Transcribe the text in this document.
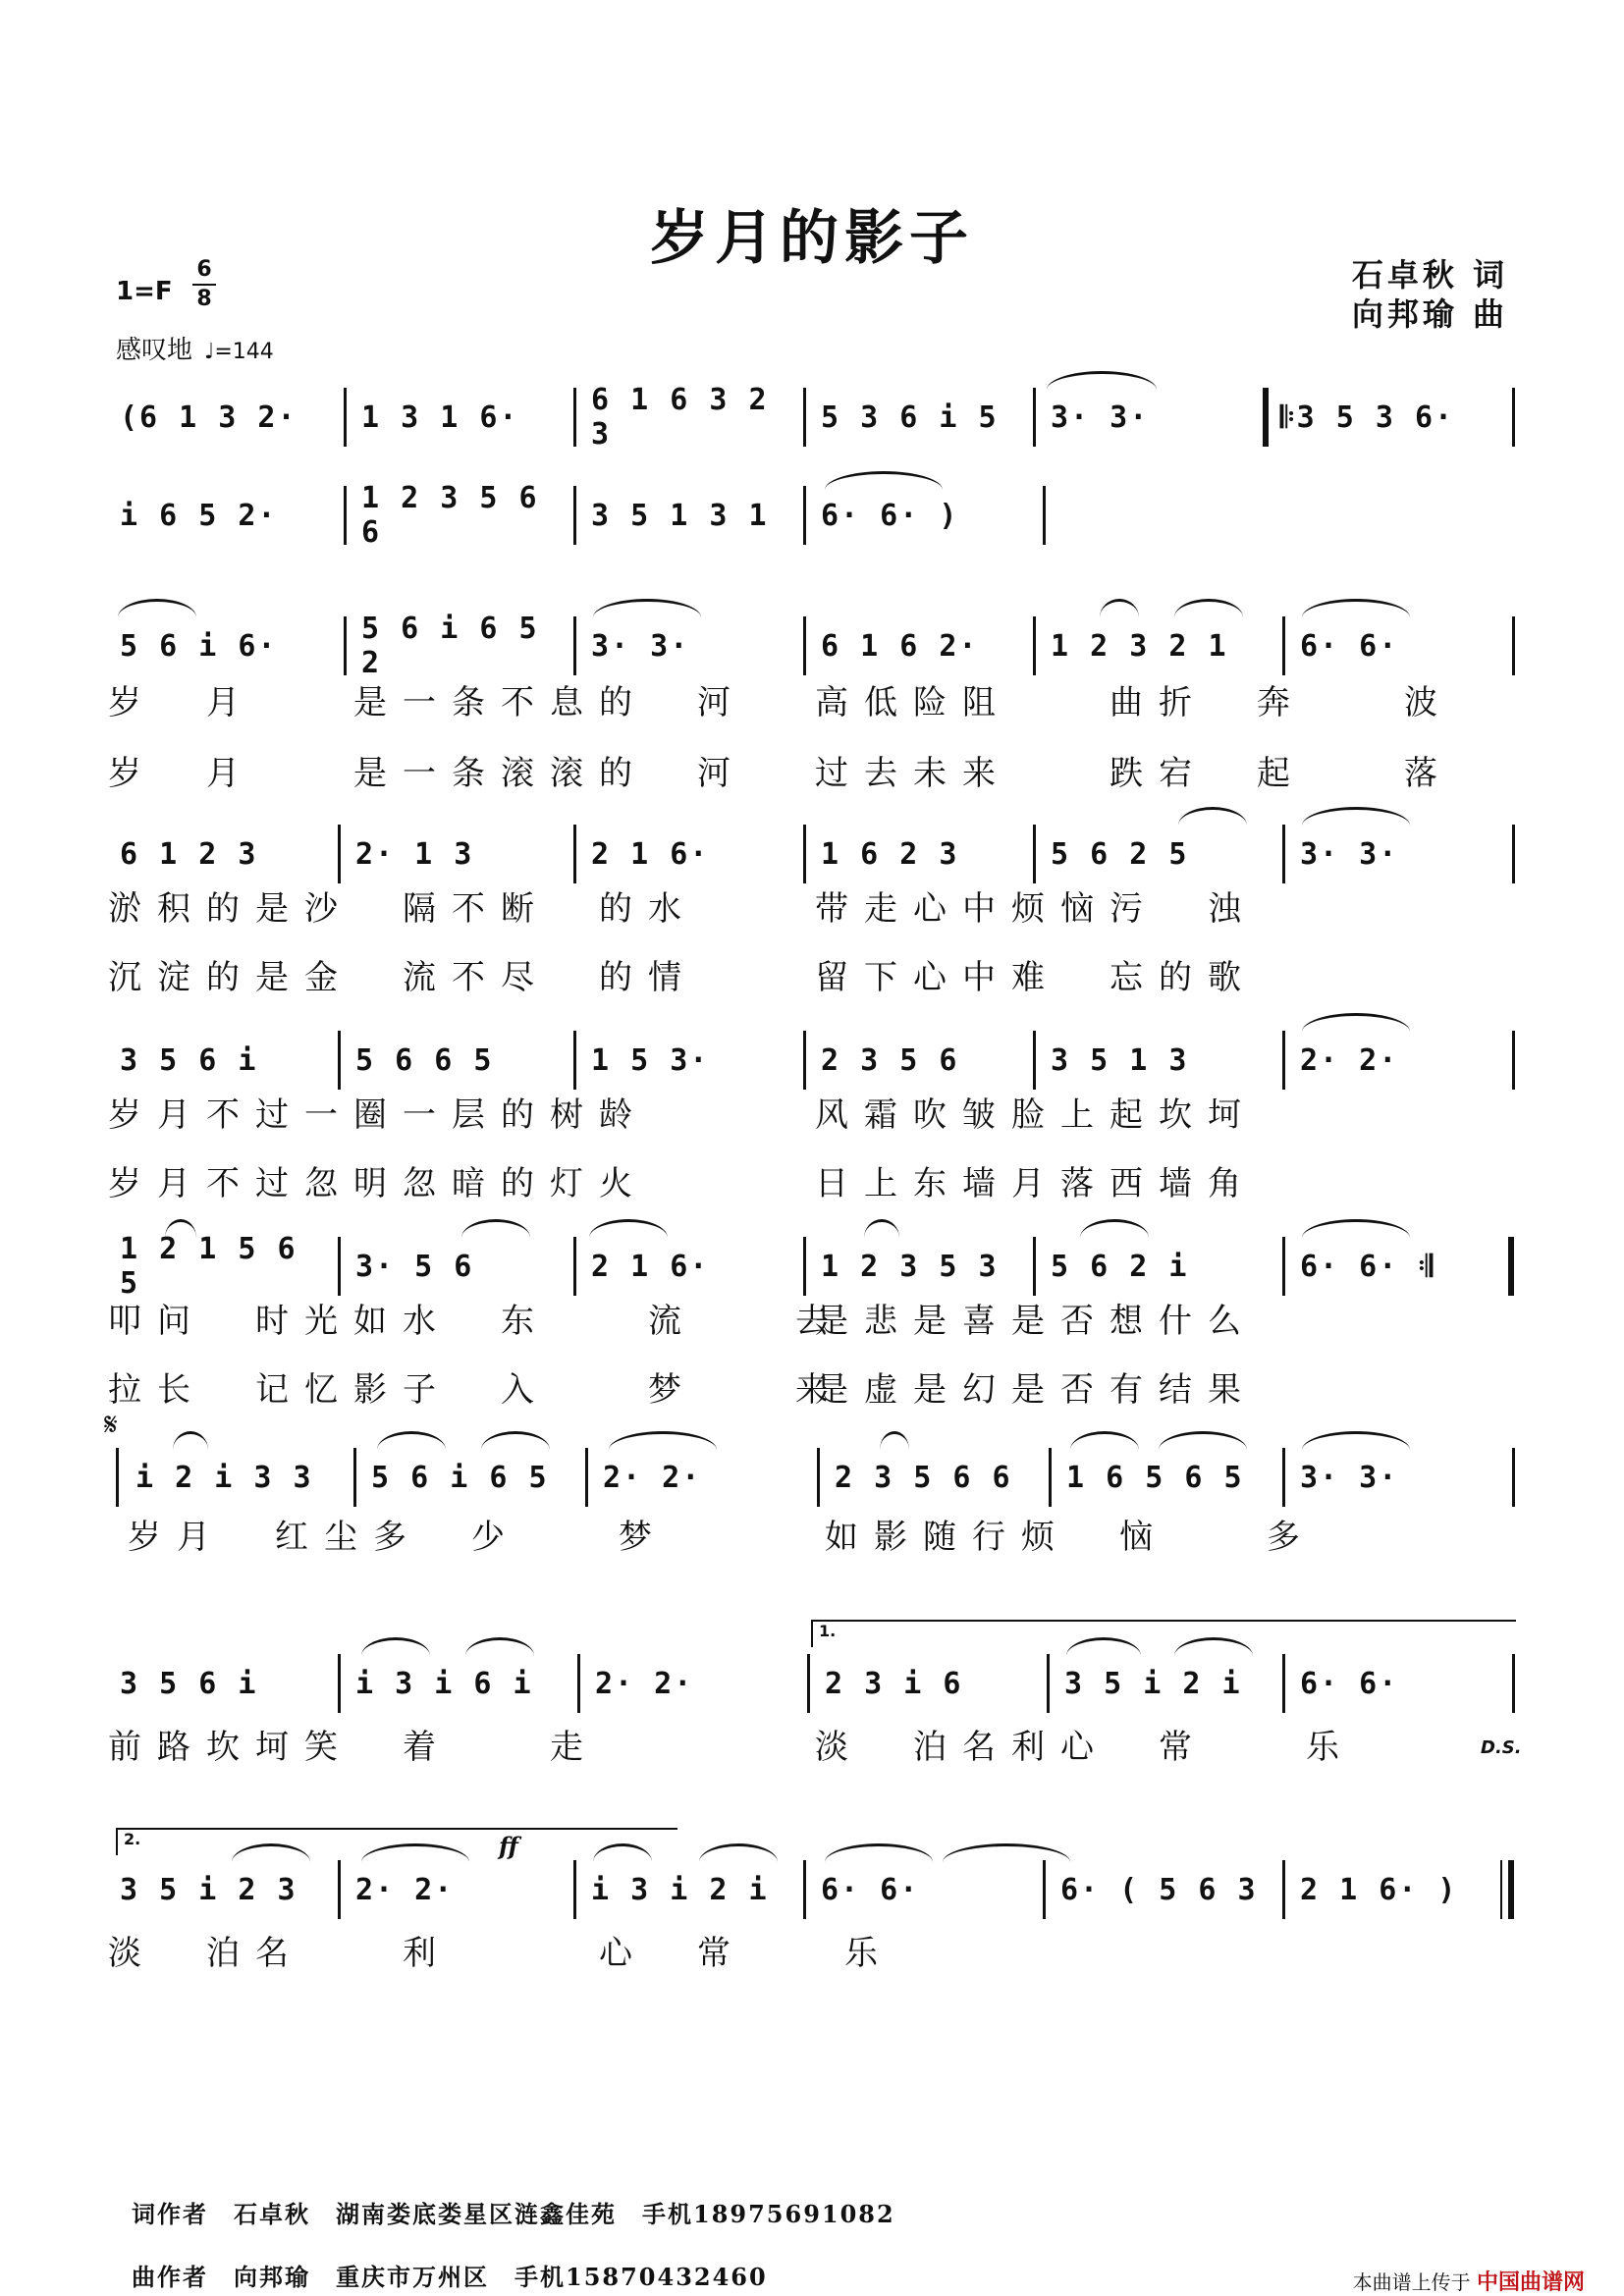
岁月的影子
石卓秋 词
向邦瑜 曲
1=F
6
8
感叹地 ♩=144
(6 1 3 2·	1 3 1 6·	6 1 6 3 2 3	5 3 6 i 5	3· 3·	𝄆3 5 3 6·
i 6 5 2·	1 2 3 5 6 6	3 5 1 3 1	6· 6· )
5 6 i 6·	5 6 i 6 5 2	3· 3·	6 1 6 2·	1 2 3 2 1	6· 6·
岁　月　　是一条不息的　河 高低险阻　　曲折　奔　　波
岁　月　　是一条滚滚的　河 过去未来　　跌宕　起　　落
6 1 2 3	2· 1 3	2 1 6·	1 6 2 3	5 6 2 5	3· 3·
淤积的是沙　隔不断　的水	带走心中烦恼污　浊
沉淀的是金　流不尽　的情	留下心中难　忘的歌
3 5 6 i	5 6 6 5	1 5 3·	2 3 5 6	3 5 1 3	2· 2·
岁月不过一圈一层的树龄	风霜吹皱脸上起坎坷
岁月不过忽明忽暗的灯火	日上东墙月落西墙角
1 2 1 5 6 5	3· 5 6	2 1 6·	1 2 3 5 3	5 6 2 i	6· 6· 𝄇
叩问　时光如水　东　　流　　去
是悲是喜是否想什么
拉长　记忆影子　入　　梦　　来
是虚是幻是否有结果
𝄋
i 2 i 3 3	5 6 i 6 5	2· 2·	2 3 5 6 6	1 6 5 6 5	3· 3·
岁月　红尘多　少　　梦	如影随行烦　恼　　多
1.
3 5 6 i	i 3 i 6 i	2· 2·	2 3 i 6	3 5 i 2 i	6· 6·
前路坎坷笑　着　　走	淡　泊名利心　常　　乐	D.S.
2.	ff
3 5 i 2 3	2· 2·	i 3 i 2 i	6· 6·	6· ( 5 6 3	2 1 6· )
淡　泊名　　利　　　心　常　　乐
词作者　石卓秋　湖南娄底娄星区涟鑫佳苑　手机18975691082
曲作者　向邦瑜　重庆市万州区　手机15870432460	本曲谱上传于 中国曲谱网
